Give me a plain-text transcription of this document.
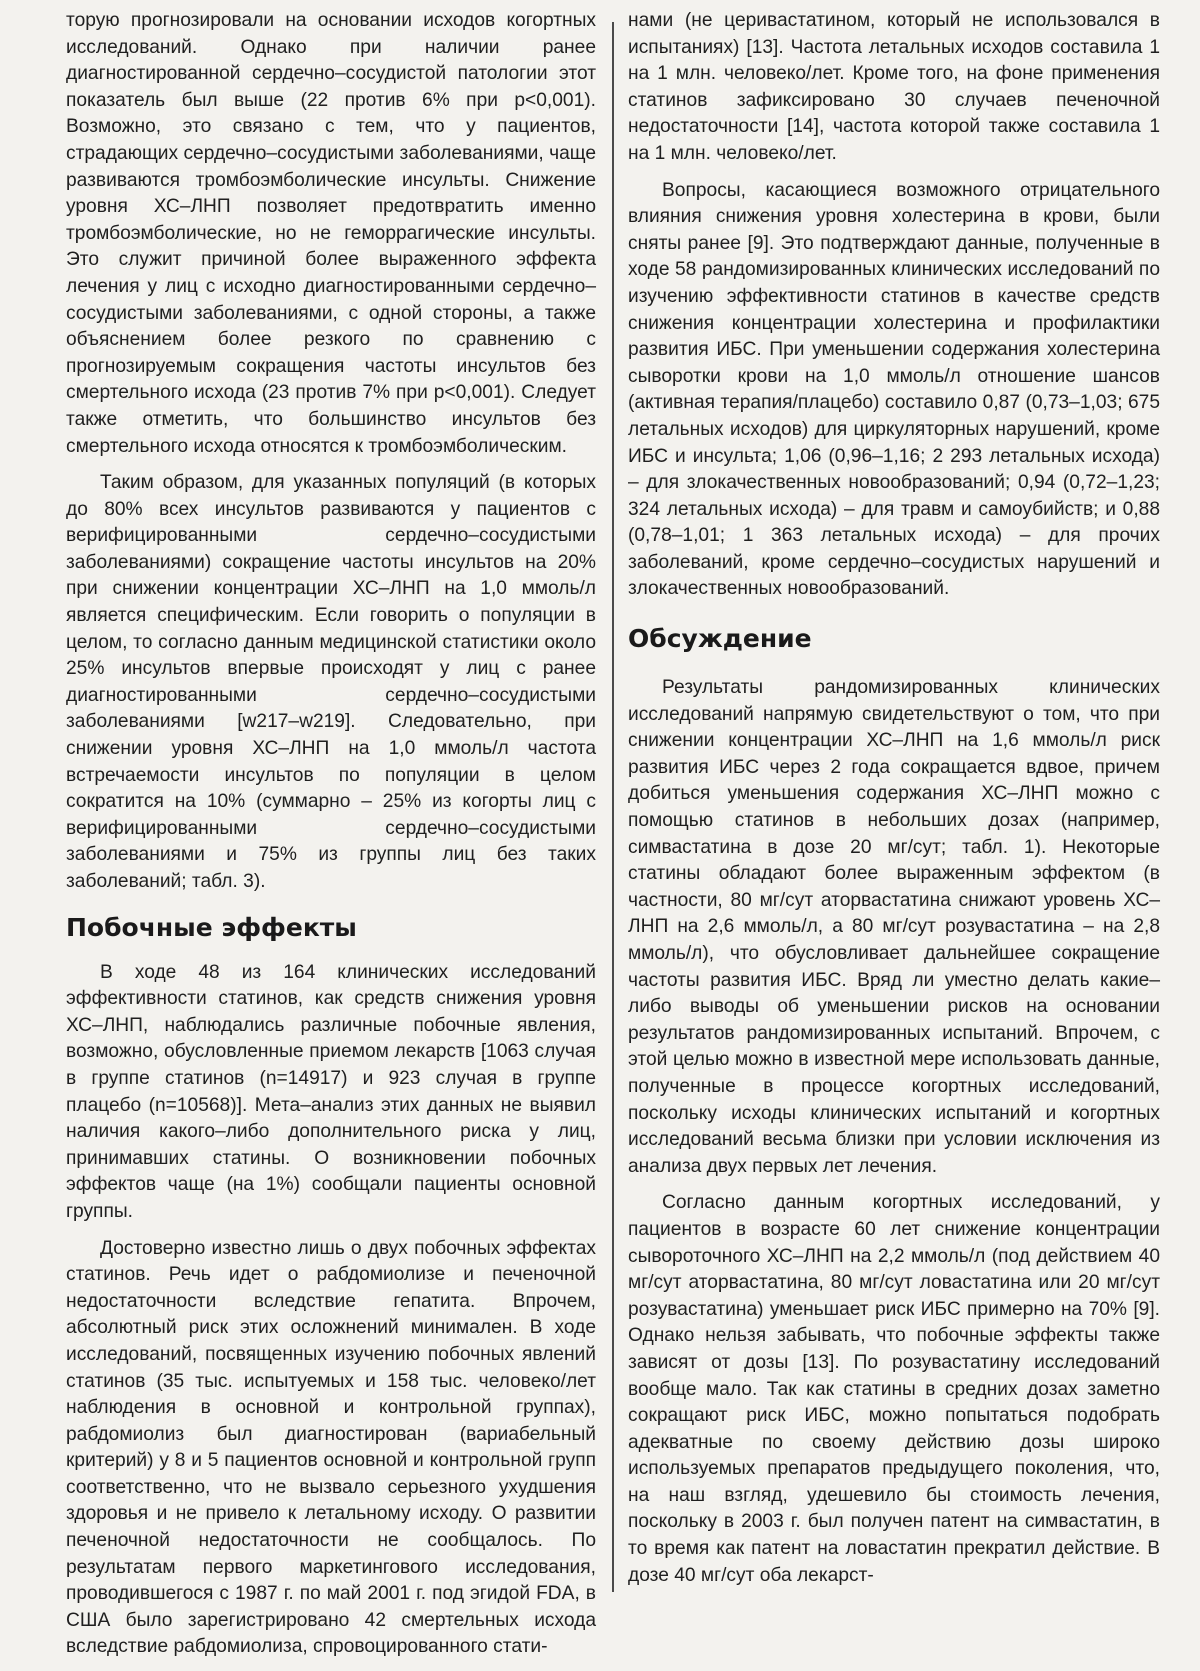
торую прогнозировали на основании исходов когортных исследований. Однако при наличии ранее диагностированной сердечно–сосудистой патологии этот показатель был выше (22 против 6% при p<0,001). Возможно, это связано с тем, что у пациентов, страдающих сердечно–сосудистыми заболеваниями, чаще развиваются тромбоэмболические инсульты. Снижение уровня ХС–ЛНП позволяет предотвратить именно тромбоэмболические, но не геморрагические инсульты. Это служит причиной более выраженного эффекта лечения у лиц с исходно диагностированными сердечно–сосудистыми заболеваниями, с одной стороны, а также объяснением более резкого по сравнению с прогнозируемым сокращения частоты инсультов без смертельного исхода (23 против 7% при p<0,001). Следует также отметить, что большинство инсультов без смертельного исхода относятся к тромбоэмболическим.

Таким образом, для указанных популяций (в которых до 80% всех инсультов развиваются у пациентов с верифицированными сердечно–сосудистыми заболеваниями) сокращение частоты инсультов на 20% при снижении концентрации ХС–ЛНП на 1,0 ммоль/л является специфическим. Если говорить о популяции в целом, то согласно данным медицинской статистики около 25% инсультов впервые происходят у лиц с ранее диагностированными сердечно–сосудистыми заболеваниями [w217–w219]. Следовательно, при снижении уровня ХС–ЛНП на 1,0 ммоль/л частота встречаемости инсультов по популяции в целом сократится на 10% (суммарно – 25% из когорты лиц с верифицированными сердечно–сосудистыми заболеваниями и 75% из группы лиц без таких заболеваний; табл. 3).

Побочные эффекты

В ходе 48 из 164 клинических исследований эффективности статинов, как средств снижения уровня ХС–ЛНП, наблюдались различные побочные явления, возможно, обусловленные приемом лекарств [1063 случая в группе статинов (n=14917) и 923 случая в группе плацебо (n=10568)]. Мета–анализ этих данных не выявил наличия какого–либо дополнительного риска у лиц, принимавших статины. О возникновении побочных эффектов чаще (на 1%) сообщали пациенты основной группы.

Достоверно известно лишь о двух побочных эффектах статинов. Речь идет о рабдомиолизе и печеночной недостаточности вследствие гепатита. Впрочем, абсолютный риск этих осложнений минимален. В ходе исследований, посвященных изучению побочных явлений статинов (35 тыс. испытуемых и 158 тыс. человеко/лет наблюдения в основной и контрольной группах), рабдомиолиз был диагностирован (вариабельный критерий) у 8 и 5 пациентов основной и контрольной групп соответственно, что не вызвало серьезного ухудшения здоровья и не привело к летальному исходу. О развитии печеночной недостаточности не сообщалось. По результатам первого маркетингового исследования, проводившегося с 1987 г. по май 2001 г. под эгидой FDA, в США было зарегистрировано 42 смертельных исхода вследствие рабдомиолиза, спровоцированного стати-

нами (не церивастатином, который не использовался в испытаниях) [13]. Частота летальных исходов составила 1 на 1 млн. человеко/лет. Кроме того, на фоне применения статинов зафиксировано 30 случаев печеночной недостаточности [14], частота которой также составила 1 на 1 млн. человеко/лет.

Вопросы, касающиеся возможного отрицательного влияния снижения уровня холестерина в крови, были сняты ранее [9]. Это подтверждают данные, полученные в ходе 58 рандомизированных клинических исследований по изучению эффективности статинов в качестве средств снижения концентрации холестерина и профилактики развития ИБС. При уменьшении содержания холестерина сыворотки крови на 1,0 ммоль/л отношение шансов (активная терапия/плацебо) составило 0,87 (0,73–1,03; 675 летальных исходов) для циркуляторных нарушений, кроме ИБС и инсульта; 1,06 (0,96–1,16; 2 293 летальных исхода) – для злокачественных новообразований; 0,94 (0,72–1,23; 324 летальных исхода) – для травм и самоубийств; и 0,88 (0,78–1,01; 1 363 летальных исхода) – для прочих заболеваний, кроме сердечно–сосудистых нарушений и злокачественных новообразований.

Обсуждение

Результаты рандомизированных клинических исследований напрямую свидетельствуют о том, что при снижении концентрации ХС–ЛНП на 1,6 ммоль/л риск развития ИБС через 2 года сокращается вдвое, причем добиться уменьшения содержания ХС–ЛНП можно с помощью статинов в небольших дозах (например, симвастатина в дозе 20 мг/сут; табл. 1). Некоторые статины обладают более выраженным эффектом (в частности, 80 мг/сут аторвастатина снижают уровень ХС–ЛНП на 2,6 ммоль/л, а 80 мг/сут розувастатина – на 2,8 ммоль/л), что обусловливает дальнейшее сокращение частоты развития ИБС. Вряд ли уместно делать какие–либо выводы об уменьшении рисков на основании результатов рандомизированных испытаний. Впрочем, с этой целью можно в известной мере использовать данные, полученные в процессе когортных исследований, поскольку исходы клинических испытаний и когортных исследований весьма близки при условии исключения из анализа двух первых лет лечения.

Согласно данным когортных исследований, у пациентов в возрасте 60 лет снижение концентрации сывороточного ХС–ЛНП на 2,2 ммоль/л (под действием 40 мг/сут аторвастатина, 80 мг/сут ловастатина или 20 мг/сут розувастатина) уменьшает риск ИБС примерно на 70% [9]. Однако нельзя забывать, что побочные эффекты также зависят от дозы [13]. По розувастатину исследований вообще мало. Так как статины в средних дозах заметно сокращают риск ИБС, можно попытаться подобрать адекватные по своему действию дозы широко используемых препаратов предыдущего поколения, что, на наш взгляд, удешевило бы стоимость лечения, поскольку в 2003 г. был получен патент на симвастатин, в то время как патент на ловастатин прекратил действие. В дозе 40 мг/сут оба лекарст-
